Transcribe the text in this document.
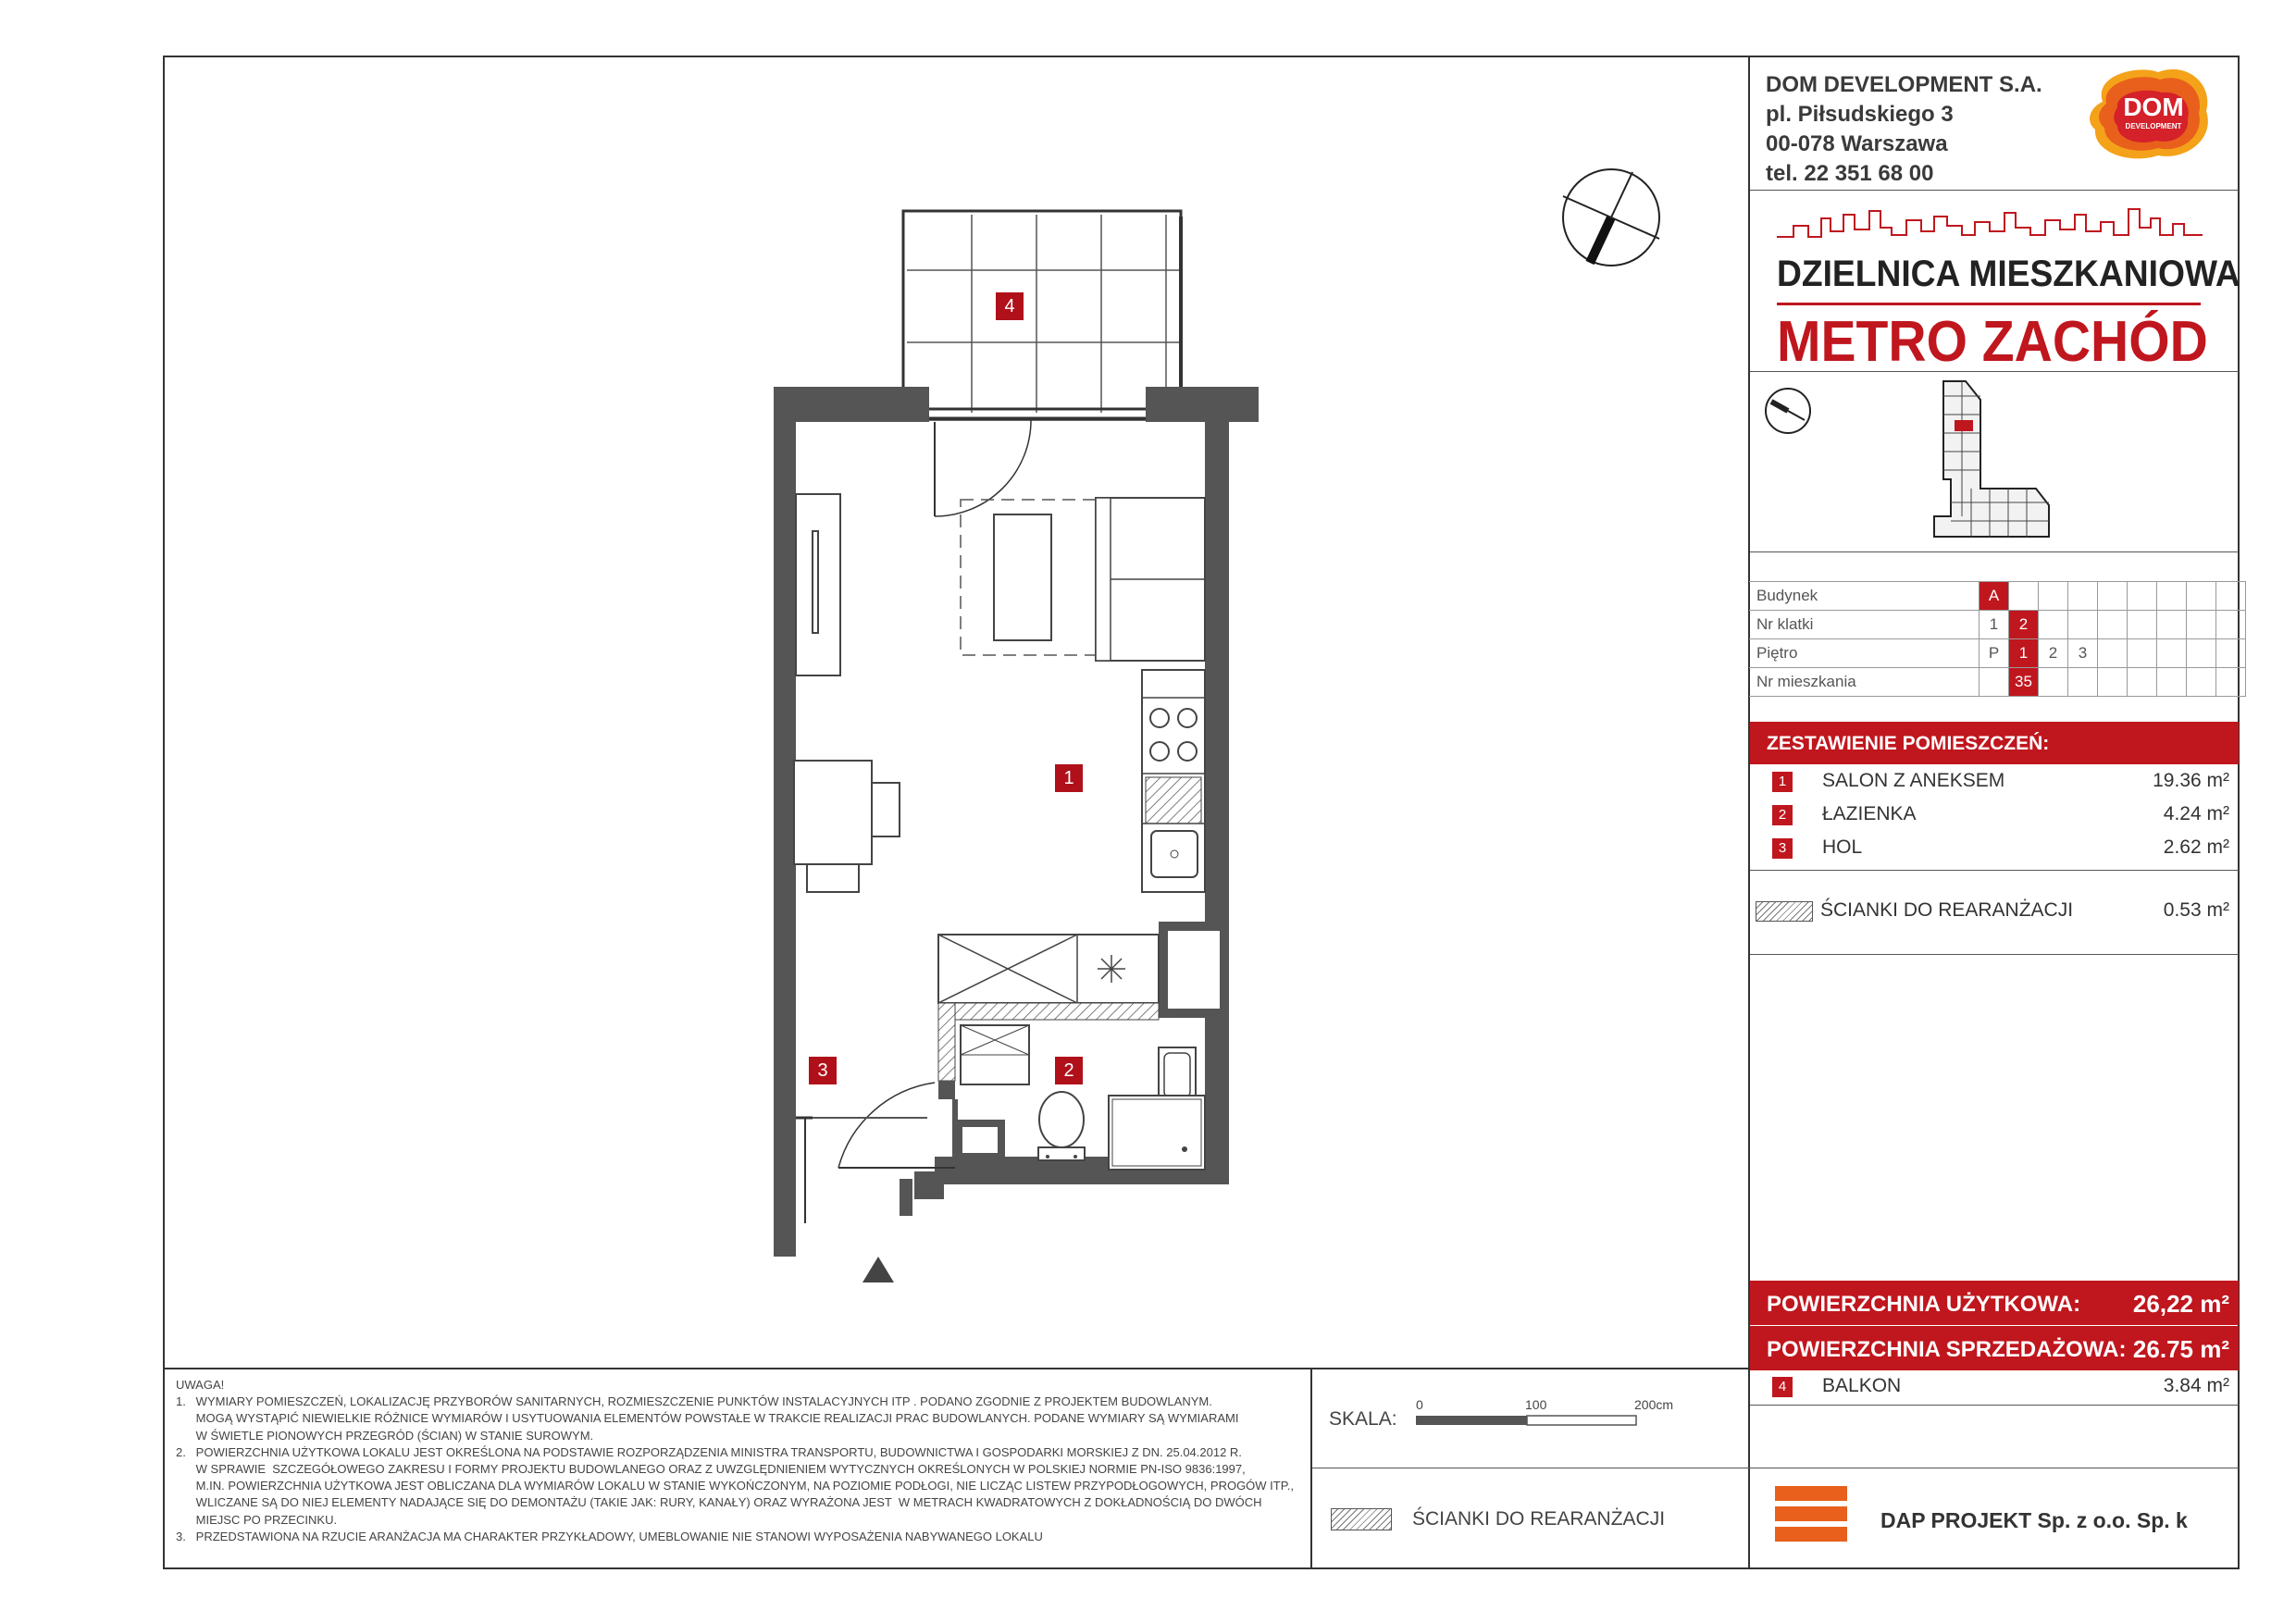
DOM DEVELOPMENT S.A.
pl. Piłsudskiego 3
00-078 Warszawa
tel. 22 351 68 00
DOM
DEVELOPMENT
DZIELNICA MIESZKANIOWA
METRO ZACHÓD
Budynek	A								
Nr klatki	1	2							
Piętro	P	1	2	3					
Nr mieszkania		35							
ZESTAWIENIE POMIESZCZEŃ:
1	SALON Z ANEKSEM	19.36 m²
2	ŁAZIENKA	4.24 m²
3	HOL	2.62 m²
ŚCIANKI DO REARANŻACJI	0.53 m²
POWIERZCHNIA UŻYTKOWA: 26,22 m²
POWIERZCHNIA SPRZEDAŻOWA: 26.75 m²
4	BALKON	3.84 m²
UWAGA!
1.   WYMIARY POMIESZCZEŃ, LOKALIZACJĘ PRZYBORÓW SANITARNYCH, ROZMIESZCZENIE PUNKTÓW INSTALACYJNYCH ITP . PODANO ZGODNIE Z PROJEKTEM BUDOWLANYM.
MOGĄ WYSTĄPIĆ NIEWIELKIE RÓŻNICE WYMIARÓW I USYTUOWANIA ELEMENTÓW POWSTAŁE W TRAKCIE REALIZACJI PRAC BUDOWLANYCH. PODANE WYMIARY SĄ WYMIARAMI
W ŚWIETLE PIONOWYCH PRZEGRÓD (ŚCIAN) W STANIE SUROWYM.
2.   POWIERZCHNIA UŻYTKOWA LOKALU JEST OKREŚLONA NA PODSTAWIE ROZPORZĄDZENIA MINISTRA TRANSPORTU, BUDOWNICTWA I GOSPODARKI MORSKIEJ Z DN. 25.04.2012 R.
W SPRAWIE  SZCZEGÓŁOWEGO ZAKRESU I FORMY PROJEKTU BUDOWLANEGO ORAZ Z UWZGLĘDNIENIEM WYTYCZNYCH OKREŚLONYCH W POLSKIEJ NORMIE PN-ISO 9836:1997,
M.IN. POWIERZCHNIA UŻYTKOWA JEST OBLICZANA DLA WYMIARÓW LOKALU W STANIE WYKOŃCZONYM, NA POZIOMIE PODŁOGI, NIE LICZĄC LISTEW PRZYPODŁOGOWYCH, PROGÓW ITP.,
WLICZANE SĄ DO NIEJ ELEMENTY NADAJĄCE SIĘ DO DEMONTAŻU (TAKIE JAK: RURY, KANAŁY) ORAZ WYRAŻONA JEST  W METRACH KWADRATOWYCH Z DOKŁADNOŚCIĄ DO DWÓCH
MIEJSC PO PRZECINKU.
3.   PRZEDSTAWIONA NA RZUCIE ARANŻACJA MA CHARAKTER PRZYKŁADOWY, UMEBLOWANIE NIE STANOWI WYPOSAŻENIA NABYWANEGO LOKALU
SKALA:
0	100	200cm
ŚCIANKI DO REARANŻACJI	DAP PROJEKT Sp. z o.o. Sp. k
4
1
2
3
